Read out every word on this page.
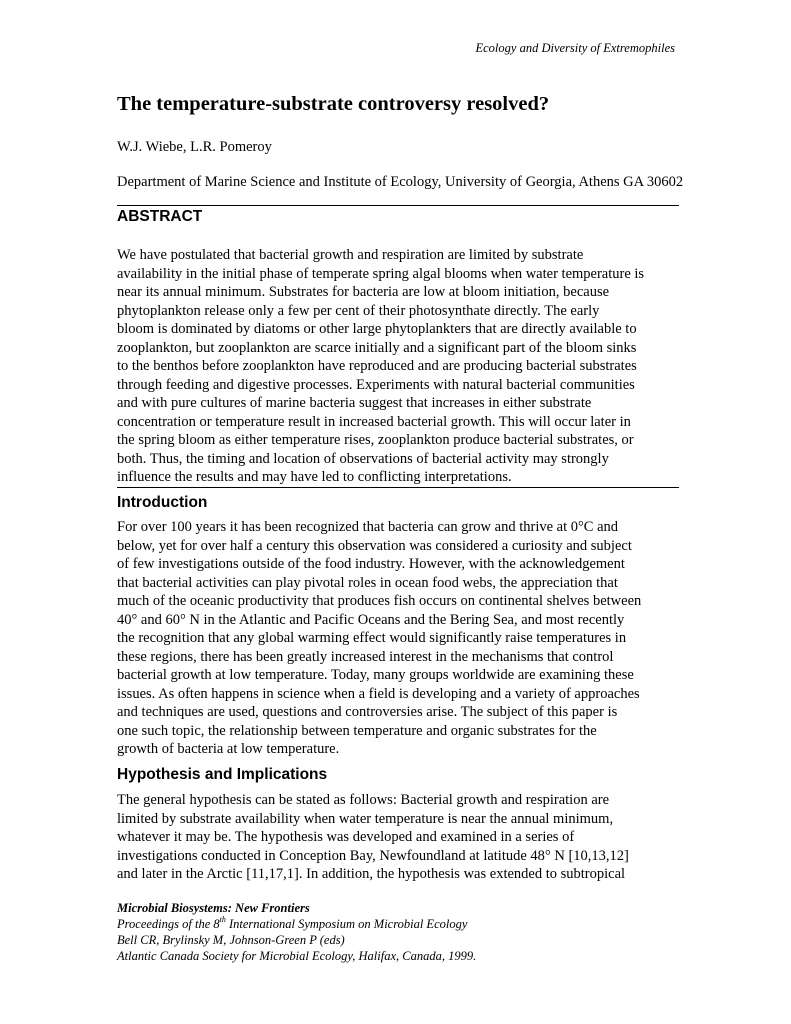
Ecology and Diversity of Extremophiles
The temperature-substrate controversy resolved?
W.J. Wiebe, L.R. Pomeroy
Department of Marine Science and Institute of Ecology, University of Georgia, Athens GA 30602
ABSTRACT
We have postulated that bacterial growth and respiration are limited by substrate
availability in the initial phase of temperate spring algal blooms when water temperature is
near its annual minimum. Substrates for bacteria are low at bloom initiation, because
phytoplankton release only a few per cent of their photosynthate directly. The early
bloom is dominated by diatoms or other large phytoplankters that are directly available to
zooplankton, but zooplankton are scarce initially and a significant part of the bloom sinks
to the benthos before zooplankton have reproduced and are producing bacterial substrates
through feeding and digestive processes. Experiments with natural bacterial communities
and with pure cultures of marine bacteria suggest that increases in either substrate
concentration or temperature result in increased bacterial growth. This will occur later in
the spring bloom as either temperature rises, zooplankton produce bacterial substrates, or
both. Thus, the timing and location of observations of bacterial activity may strongly
influence the results and may have led to conflicting interpretations.
Introduction
For over 100 years it has been recognized that bacteria can grow and thrive at 0°C and
below, yet for over half a century this observation was considered a curiosity and subject
of few investigations outside of the food industry. However, with the acknowledgement
that bacterial activities can play pivotal roles in ocean food webs, the appreciation that
much of the oceanic productivity that produces fish occurs on continental shelves between
40° and 60° N in the Atlantic and Pacific Oceans and the Bering Sea, and most recently
the recognition that any global warming effect would significantly raise temperatures in
these regions, there has been greatly increased interest in the mechanisms that control
bacterial growth at low temperature. Today, many groups worldwide are examining these
issues. As often happens in science when a field is developing and a variety of approaches
and techniques are used, questions and controversies arise. The subject of this paper is
one such topic, the relationship between temperature and organic substrates for the
growth of bacteria at low temperature.
Hypothesis and Implications
The general hypothesis can be stated as follows: Bacterial growth and respiration are
limited by substrate availability when water temperature is near the annual minimum,
whatever it may be. The hypothesis was developed and examined in a series of
investigations conducted in Conception Bay, Newfoundland at latitude 48° N [10,13,12]
and later in the Arctic [11,17,1]. In addition, the hypothesis was extended to subtropical
Microbial Biosystems: New Frontiers
Proceedings of the 8th International Symposium on Microbial Ecology
Bell CR, Brylinsky M, Johnson-Green P (eds)
Atlantic Canada Society for Microbial Ecology, Halifax, Canada, 1999.
